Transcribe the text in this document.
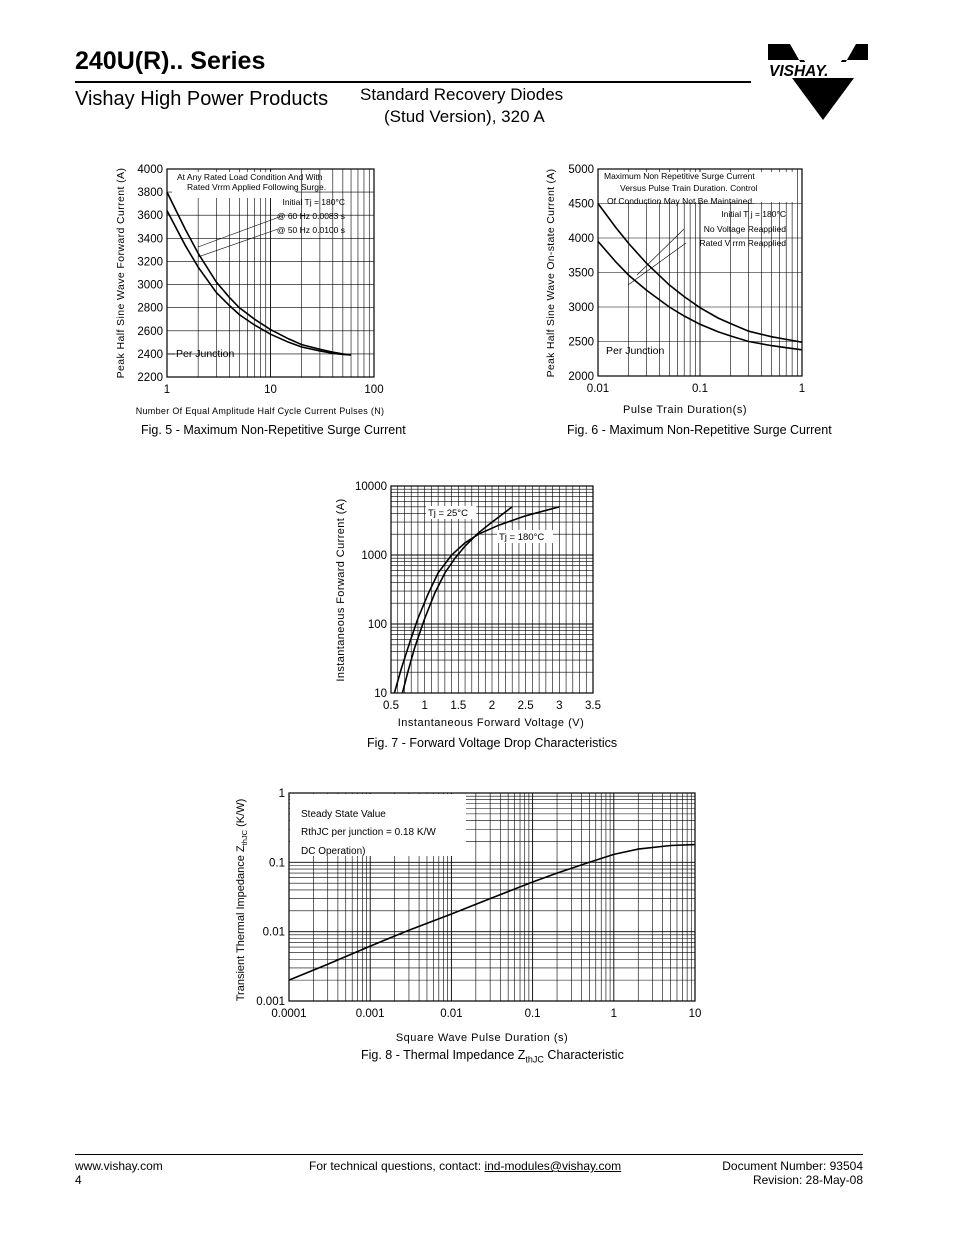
240U(R).. Series
Vishay High Power Products Standard Recovery Diodes
(Stud Version), 320 A
VISHAY.
1	10	100
2200
2400
2600
2800
3000
3200
3400
3600
3800
4000
At Any Rated Load Condition And With
Rated Vrrm Applied Following Surge.
Initial Tj = 180°C
@ 60 Hz 0.0083 s
@ 50 Hz 0.0100 s
Per Junction
Number Of Equal Amplitude Half Cycle Current Pulses (N)
Peak Half Sine Wave Forward Current (A)
Fig. 5 - Maximum Non-Repetitive Surge Current
0.01	0.1	1
2000
2500
3000
3500
4000
4500
5000 Maximum Non Repetitive Surge Current
Versus Pulse Train Duration. Control
Of Conduction May Not Be Maintained.
Initial T j = 180°C
No Voltage Reapplied
Rated V rrm Reapplied
Per Junction
Pulse Train Duration(s)
Peak Half Sine Wave On-state Current (A)
Fig. 6 - Maximum Non-Repetitive Surge Current
0.5 1 1.5 2 2.5 3 3.5
10
100
1000
10000
Tj = 25°C
Tj = 180°C
Instantaneous Forward Voltage (V)
Instantaneous Forward Current (A)
Fig. 7 - Forward Voltage Drop Characteristics
0.0001	0.001	0.01	0.1	1	10
0.001
0.01
0.1
1
Steady State Value
RthJC per junction = 0.18 K/W
DC Operation)
Square Wave Pulse Duration (s)
Transient Thermal Impedance $Z_{thJC}$ (K/W)
Fig. 8 - Thermal Impedance $Z_{thJC}$ Characteristic
www.vishay.com
4
For technical questions, contact: ind-modules@vishay.com	Document Number: 93504
Revision: 28-May-08
